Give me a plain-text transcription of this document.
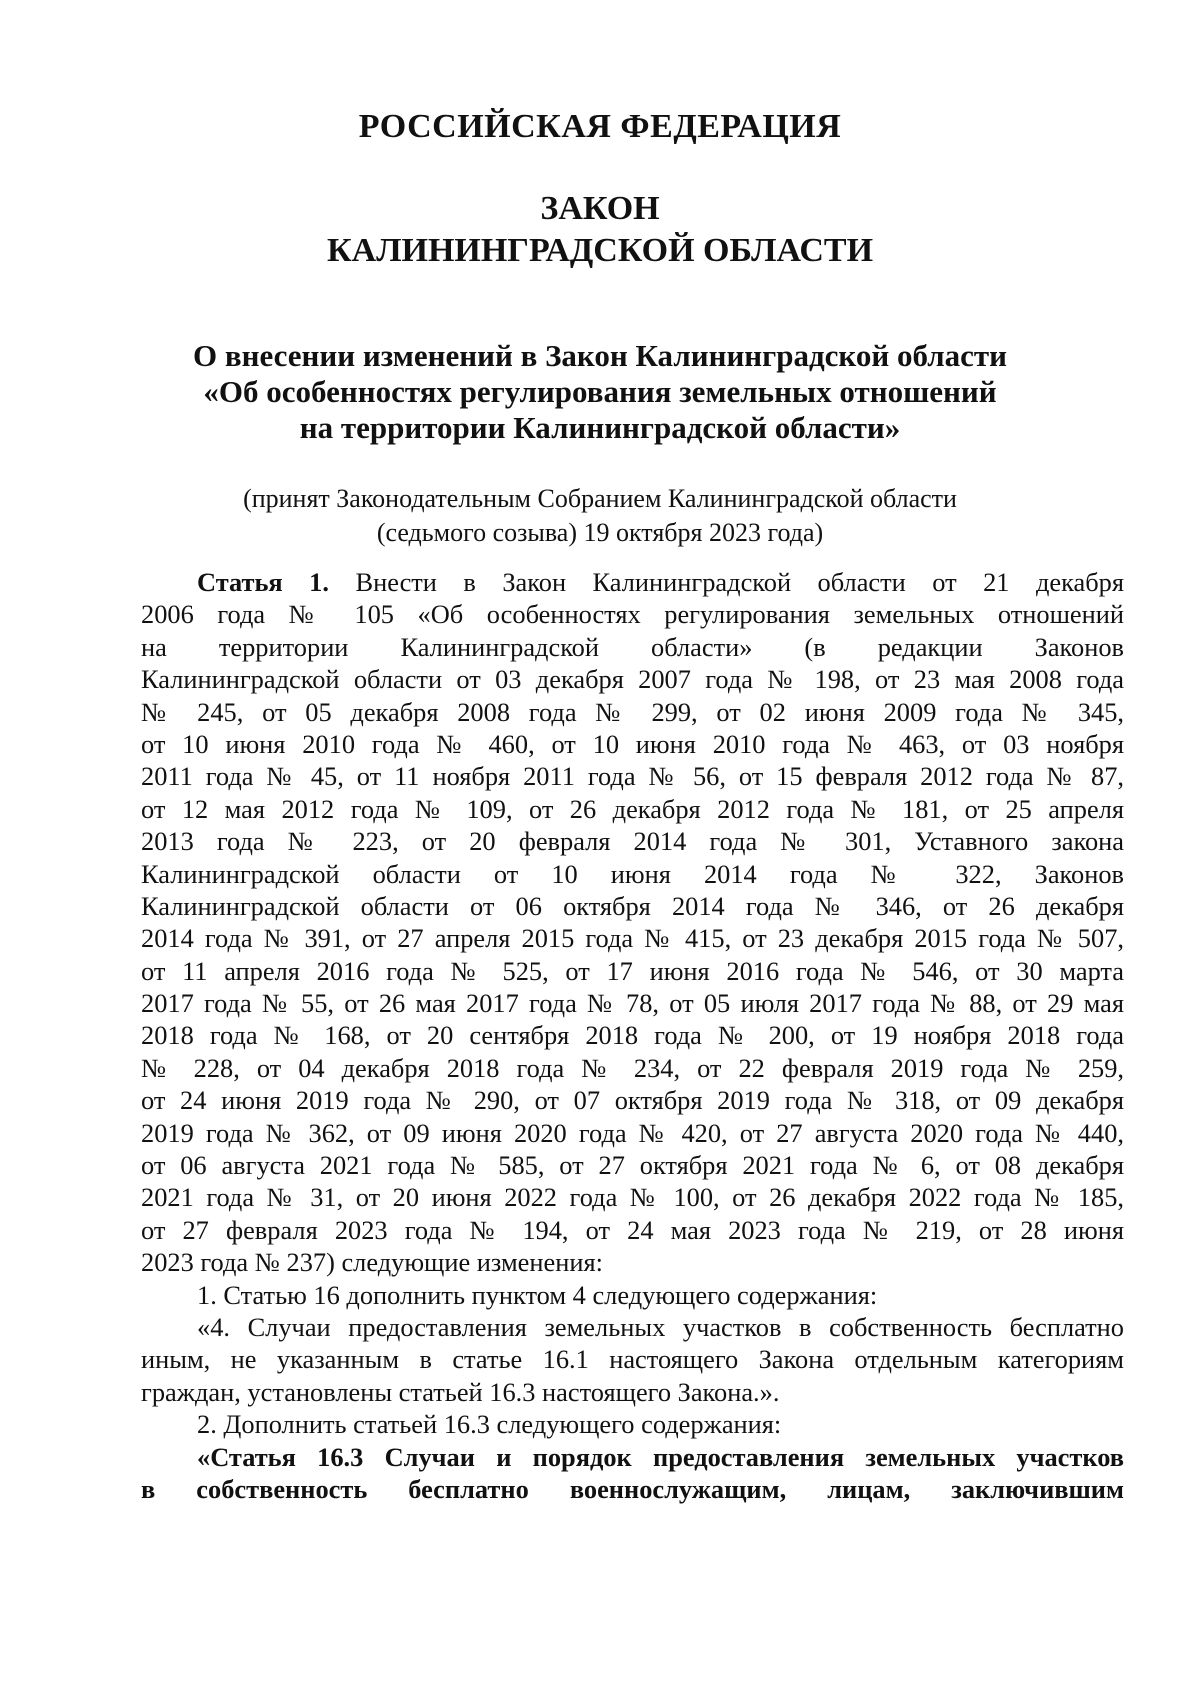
РОССИЙСКАЯ ФЕДЕРАЦИЯ
ЗАКОН
КАЛИНИНГРАДСКОЙ ОБЛАСТИ
О внесении изменений в Закон Калининградской области
«Об особенностях регулирования земельных отношений
на территории Калининградской области»
(принят Законодательным Собранием Калининградской области
(седьмого созыва) 19 октября 2023 года)
Статья 1. Внести в Закон Калининградской области от 21 декабря
2006 года № 105 «Об особенностях регулирования земельных отношений
на территории Калининградской области» (в редакции Законов
Калининградской области от 03 декабря 2007 года № 198, от 23 мая 2008 года
№ 245, от 05 декабря 2008 года № 299, от 02 июня 2009 года № 345,
от 10 июня 2010 года № 460, от 10 июня 2010 года № 463, от 03 ноября
2011 года № 45, от 11 ноября 2011 года № 56, от 15 февраля 2012 года № 87,
от 12 мая 2012 года № 109, от 26 декабря 2012 года № 181, от 25 апреля
2013 года № 223, от 20 февраля 2014 года № 301, Уставного закона
Калининградской области от 10 июня 2014 года № 322, Законов
Калининградской области от 06 октября 2014 года № 346, от 26 декабря
2014 года № 391, от 27 апреля 2015 года № 415, от 23 декабря 2015 года № 507,
от 11 апреля 2016 года № 525, от 17 июня 2016 года № 546, от 30 марта
2017 года № 55, от 26 мая 2017 года № 78, от 05 июля 2017 года № 88, от 29 мая
2018 года № 168, от 20 сентября 2018 года № 200, от 19 ноября 2018 года
№ 228, от 04 декабря 2018 года № 234, от 22 февраля 2019 года № 259,
от 24 июня 2019 года № 290, от 07 октября 2019 года № 318, от 09 декабря
2019 года № 362, от 09 июня 2020 года № 420, от 27 августа 2020 года № 440,
от 06 августа 2021 года № 585, от 27 октября 2021 года № 6, от 08 декабря
2021 года № 31, от 20 июня 2022 года № 100, от 26 декабря 2022 года № 185,
от 27 февраля 2023 года № 194, от 24 мая 2023 года № 219, от 28 июня
2023 года № 237) следующие изменения:
1. Статью 16 дополнить пунктом 4 следующего содержания:
«4. Случаи предоставления земельных участков в собственность бесплатно
иным, не указанным в статье 16.1 настоящего Закона отдельным категориям
граждан, установлены статьей 16.3 настоящего Закона.».
2. Дополнить статьей 16.3 следующего содержания:
«Статья 16.3 Случаи и порядок предоставления земельных участков
в собственность бесплатно военнослужащим, лицам, заключившим
